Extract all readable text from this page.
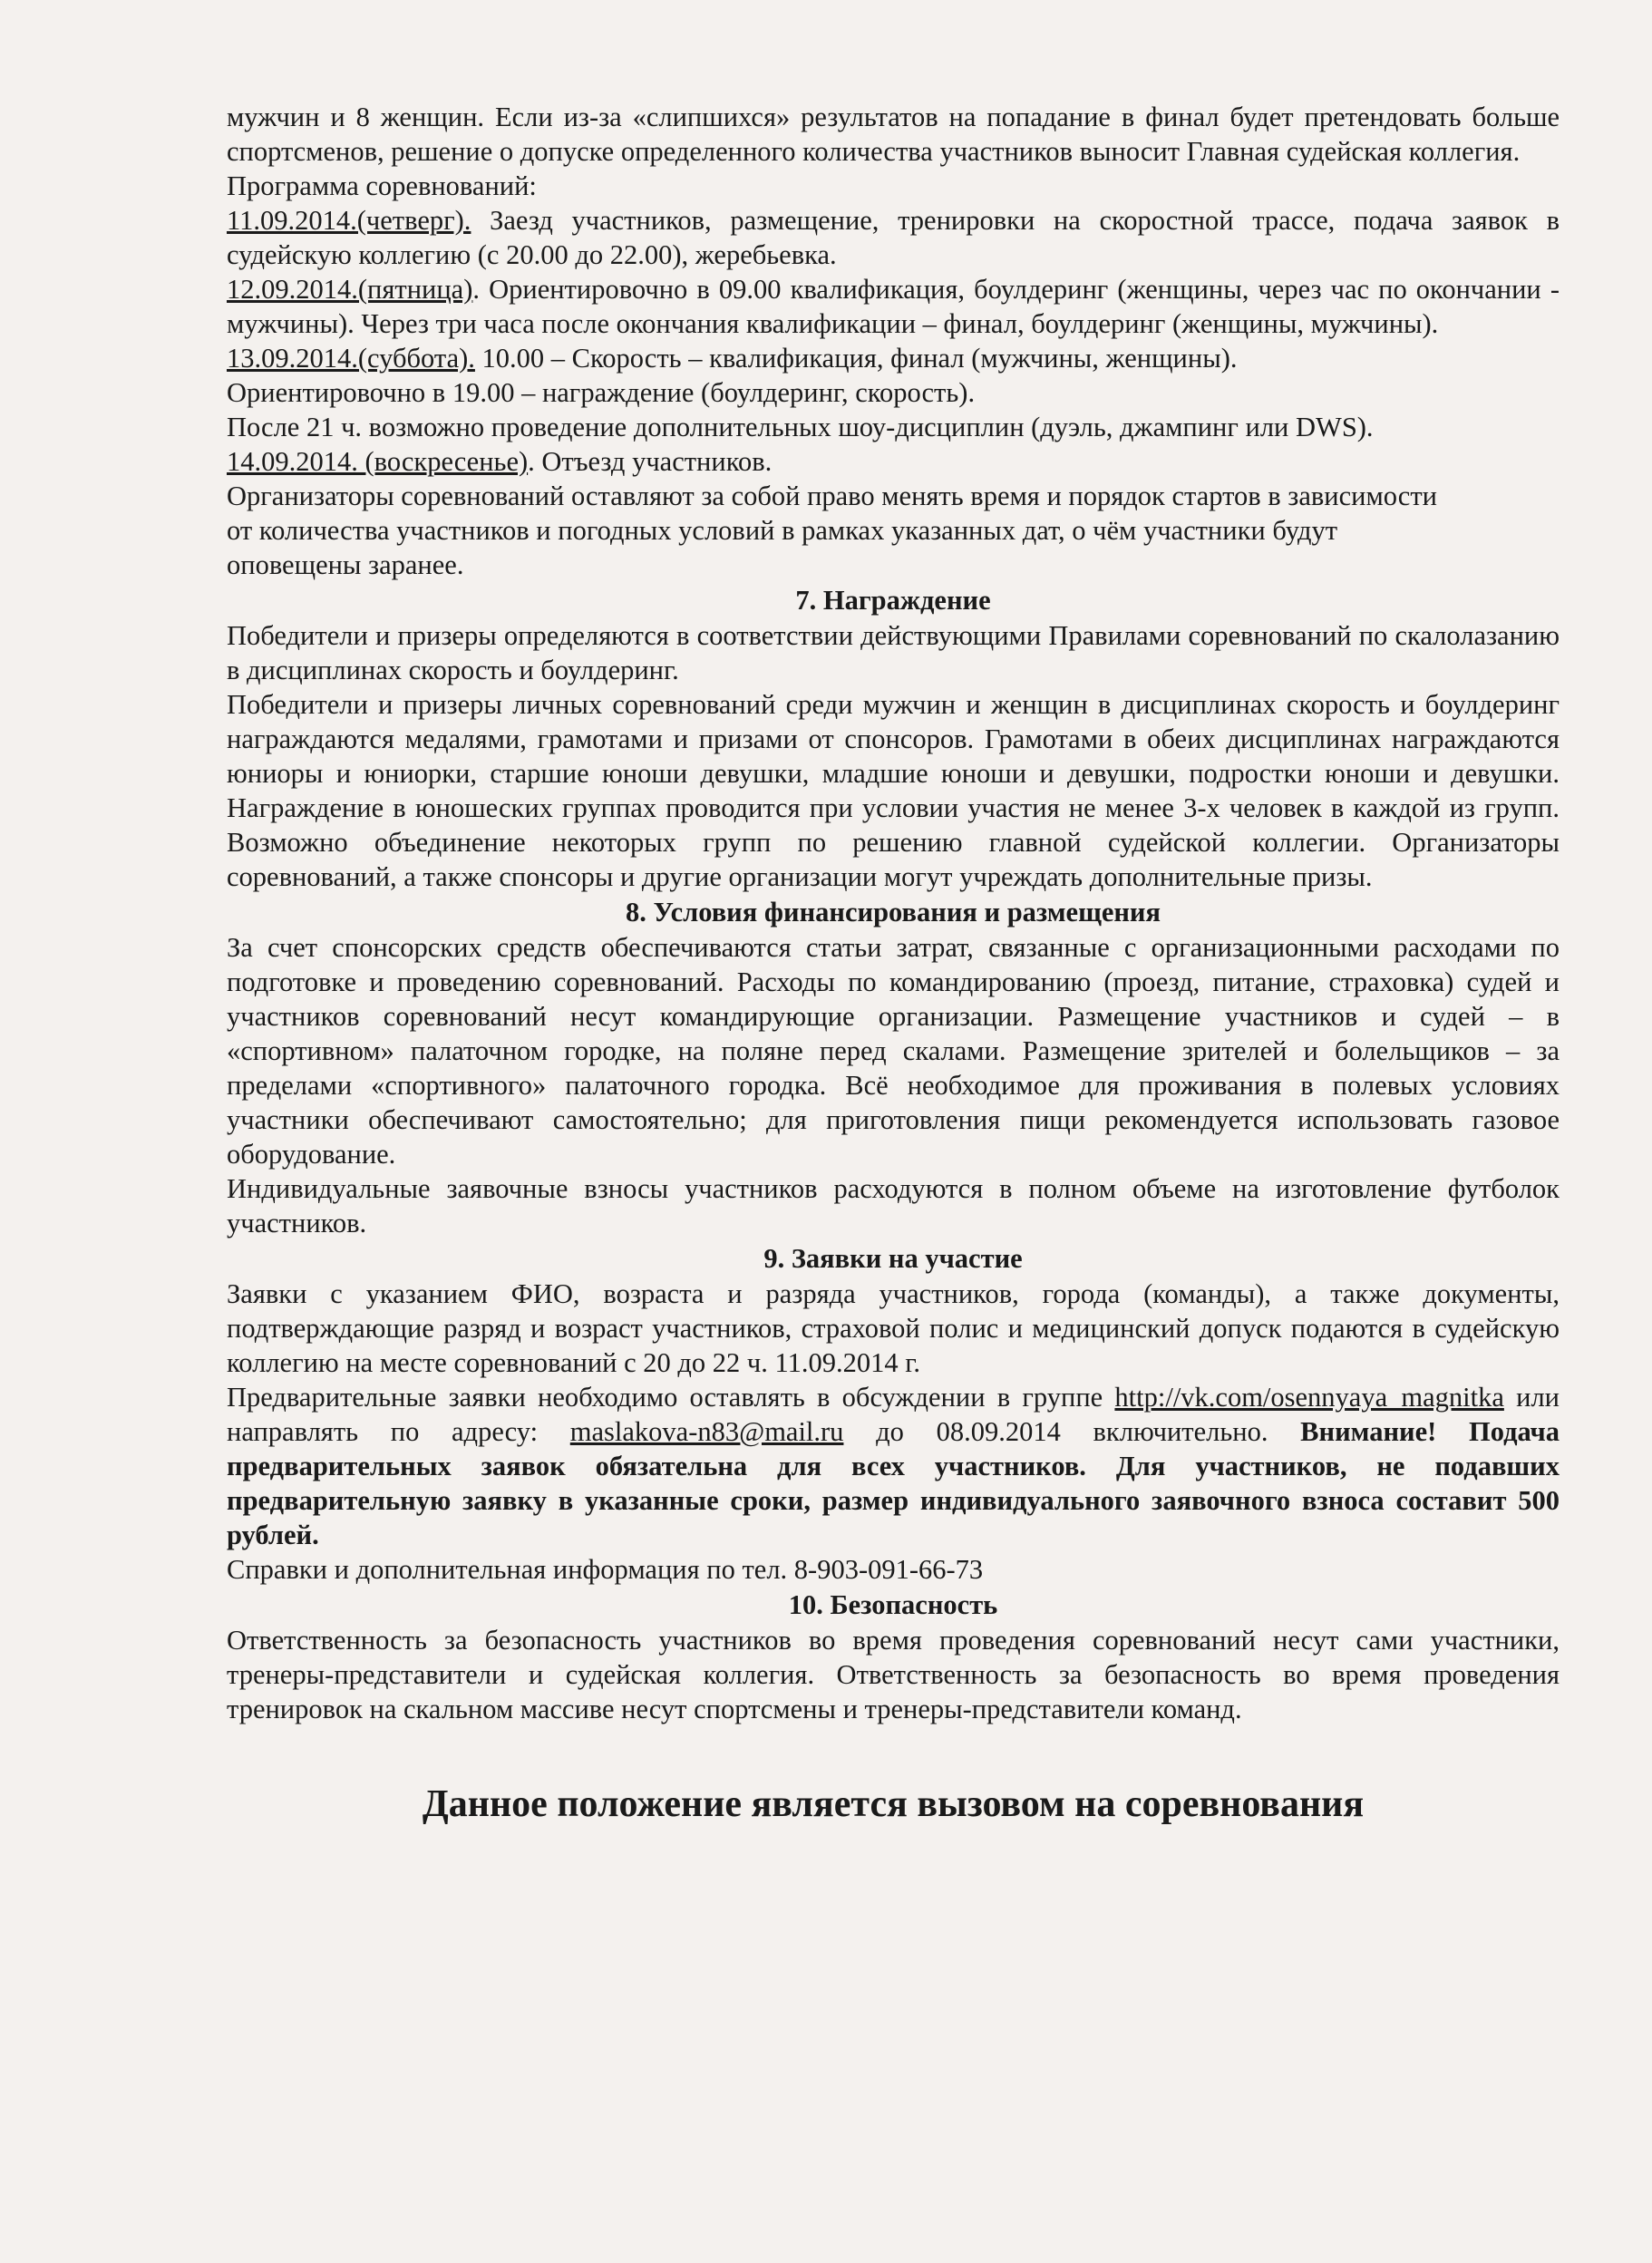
мужчин и 8 женщин. Если из-за «слипшихся» результатов на попадание в финал будет претендовать больше спортсменов, решение о допуске определенного количества участников выносит Главная судейская коллегия.

Программа соревнований:

11.09.2014.(четверг). Заезд участников, размещение, тренировки на скоростной трассе, подача заявок в судейскую коллегию (с 20.00 до 22.00), жеребьевка.

12.09.2014.(пятница). Ориентировочно в 09.00 квалификация, боулдеринг (женщины, через час по окончании - мужчины). Через три часа после окончания квалификации – финал, боулдеринг (женщины, мужчины).

13.09.2014.(суббота). 10.00 – Скорость – квалификация, финал (мужчины, женщины).

Ориентировочно в 19.00 – награждение (боулдеринг, скорость).

После 21 ч. возможно проведение дополнительных шоу-дисциплин (дуэль, джампинг или DWS).

14.09.2014. (воскресенье). Отъезд участников.

Организаторы соревнований оставляют за собой право менять время и порядок стартов в зависимости от количества участников и погодных условий в рамках указанных дат, о чём участники будут оповещены заранее.

7. Награждение

Победители и призеры определяются в соответствии действующими Правилами соревнований по скалолазанию в дисциплинах скорость и боулдеринг.

Победители и призеры личных соревнований среди мужчин и женщин в дисциплинах скорость и боулдеринг награждаются медалями, грамотами и призами от спонсоров. Грамотами в обеих дисциплинах награждаются юниоры и юниорки, старшие юноши девушки, младшие юноши и девушки, подростки юноши и девушки. Награждение в юношеских группах проводится при условии участия не менее 3-х человек в каждой из групп. Возможно объединение некоторых групп по решению главной судейской коллегии. Организаторы соревнований, а также спонсоры и другие организации могут учреждать дополнительные призы.

8. Условия финансирования и размещения

За счет спонсорских средств обеспечиваются статьи затрат, связанные с организационными расходами по подготовке и проведению соревнований. Расходы по командированию (проезд, питание, страховка) судей и участников соревнований несут командирующие организации. Размещение участников и судей – в «спортивном» палаточном городке, на поляне перед скалами. Размещение зрителей и болельщиков – за пределами «спортивного» палаточного городка. Всё необходимое для проживания в полевых условиях участники обеспечивают самостоятельно; для приготовления пищи рекомендуется использовать газовое оборудование.

Индивидуальные заявочные взносы участников расходуются в полном объеме на изготовление футболок участников.

9. Заявки на участие

Заявки с указанием ФИО, возраста и разряда участников, города (команды), а также документы, подтверждающие разряд и возраст участников, страховой полис и медицинский допуск подаются в судейскую коллегию на месте соревнований с 20 до 22 ч. 11.09.2014 г.

Предварительные заявки необходимо оставлять в обсуждении в группе http://vk.com/osennyaya_magnitka или направлять по адресу: maslakova-n83@mail.ru до 08.09.2014 включительно. Внимание! Подача предварительных заявок обязательна для всех участников. Для участников, не подавших предварительную заявку в указанные сроки, размер индивидуального заявочного взноса составит 500 рублей.

Справки и дополнительная информация по тел. 8-903-091-66-73

10. Безопасность

Ответственность за безопасность участников во время проведения соревнований несут сами участники, тренеры-представители и судейская коллегия. Ответственность за безопасность во время проведения тренировок на скальном массиве несут спортсмены и тренеры-представители команд.

Данное положение является вызовом на соревнования
